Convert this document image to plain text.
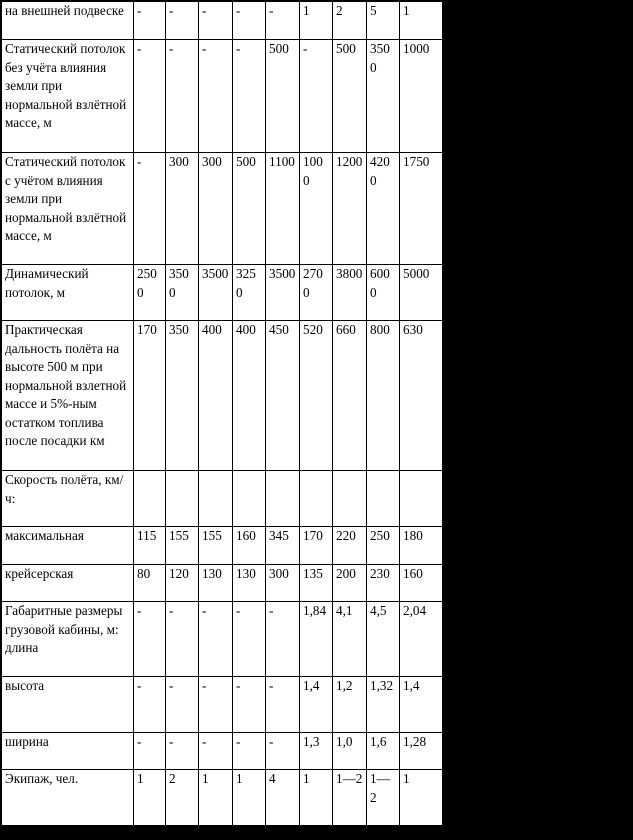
на внешней подвеске	-	-	-	-	-	1	2	5	1
Статический потолок без учёта влияния земли при нормальной взлётной массе, м	-	-	-	-	500	-	500	3500	1000
Статический потолок с учётом влияния земли при нормальной взлётной массе, м	-	300	300	500	1100	1000	1200	4200	1750
Динамический потолок, м	2500	3500	3500	3250	3500	2700	3800	6000	5000
Практическая дальность полёта на высоте 500 м при нормальной взлетной массе и 5%-ным остатком топлива после посадки км	170	350	400	400	450	520	660	800	630
Скорость полёта, км/ч:									
максимальная	115	155	155	160	345	170	220	250	180
крейсерская	80	120	130	130	300	135	200	230	160
Габаритные размеры грузовой кабины, м: длина	-	-	-	-	-	1,84	4,1	4,5	2,04
высота	-	-	-	-	-	1,4	1,2	1,32	1,4
ширина	-	-	-	-	-	1,3	1,0	1,6	1,28
Экипаж, чел.	1	2	1	1	4	1	1—2	1—2	1
